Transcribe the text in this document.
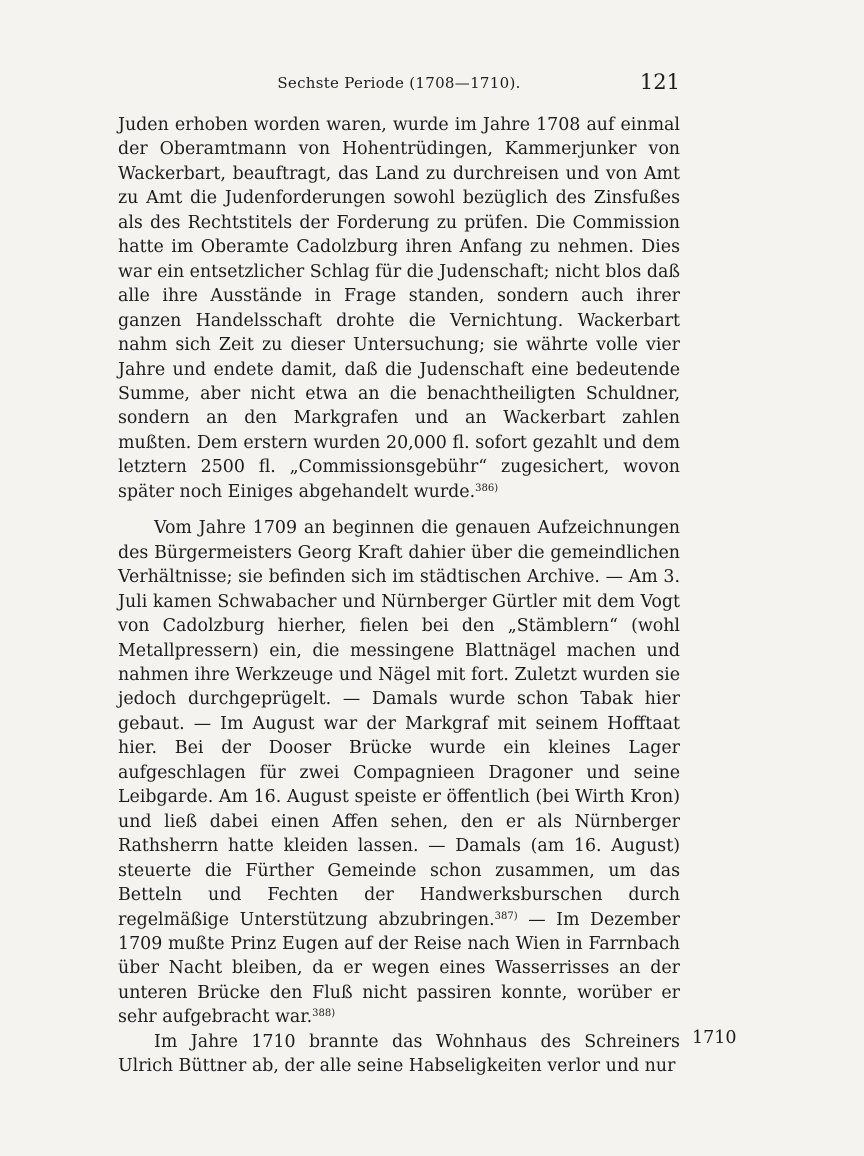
Sechste Periode (1708—1710).	121

Juden erhoben worden waren, wurde im Jahre 1708 auf einmal der Oberamtmann von Hohentrüdingen, Kammerjunker von Wackerbart, beauftragt, das Land zu durchreisen und von Amt zu Amt die Judenforderungen sowohl bezüglich des Zinsfußes als des Rechtstitels der Forderung zu prüfen. Die Commission hatte im Oberamte Cadolzburg ihren Anfang zu nehmen. Dies war ein entsetzlicher Schlag für die Judenschaft; nicht blos daß alle ihre Ausstände in Frage standen, sondern auch ihrer ganzen Handelsschaft drohte die Vernichtung. Wackerbart nahm sich Zeit zu dieser Untersuchung; sie währte volle vier Jahre und endete damit, daß die Judenschaft eine bedeutende Summe, aber nicht etwa an die benachtheiligten Schuldner, sondern an den Markgrafen und an Wackerbart zahlen mußten. Dem erstern wurden 20,000 fl. sofort gezahlt und dem letztern 2500 fl. „Commissionsgebühr“ zugesichert, wovon später noch Einiges abgehandelt wurde.$^{386)}$

Vom Jahre 1709 an beginnen die genauen Aufzeichnungen des Bürgermeisters Georg Kraft dahier über die gemeindlichen Verhältnisse; sie befinden sich im städtischen Archive. — Am 3. Juli kamen Schwabacher und Nürnberger Gürtler mit dem Vogt von Cadolzburg hierher, fielen bei den „Stämblern“ (wohl Metallpressern) ein, die messingene Blattnägel machen und nahmen ihre Werkzeuge und Nägel mit fort. Zuletzt wurden sie jedoch durchgeprügelt. — Damals wurde schon Tabak hier gebaut. — Im August war der Markgraf mit seinem Hofftaat hier. Bei der Dooser Brücke wurde ein kleines Lager aufgeschlagen für zwei Compagnieen Dragoner und seine Leibgarde. Am 16. August speiste er öffentlich (bei Wirth Kron) und ließ dabei einen Affen sehen, den er als Nürnberger Rathsherrn hatte kleiden lassen. — Damals (am 16. August) steuerte die Fürther Gemeinde schon zusammen, um das Betteln und Fechten der Handwerksburschen durch regelmäßige Unterstützung abzubringen.$^{387)}$ — Im Dezember 1709 mußte Prinz Eugen auf der Reise nach Wien in Farrnbach über Nacht bleiben, da er wegen eines Wasserrisses an der unteren Brücke den Fluß nicht passiren konnte, worüber er sehr aufgebracht war.$^{388)}$

Im Jahre 1710 brannte das Wohnhaus des Schreiners Ulrich Büttner ab, der alle seine Habseligkeiten verlor und nur

1710
